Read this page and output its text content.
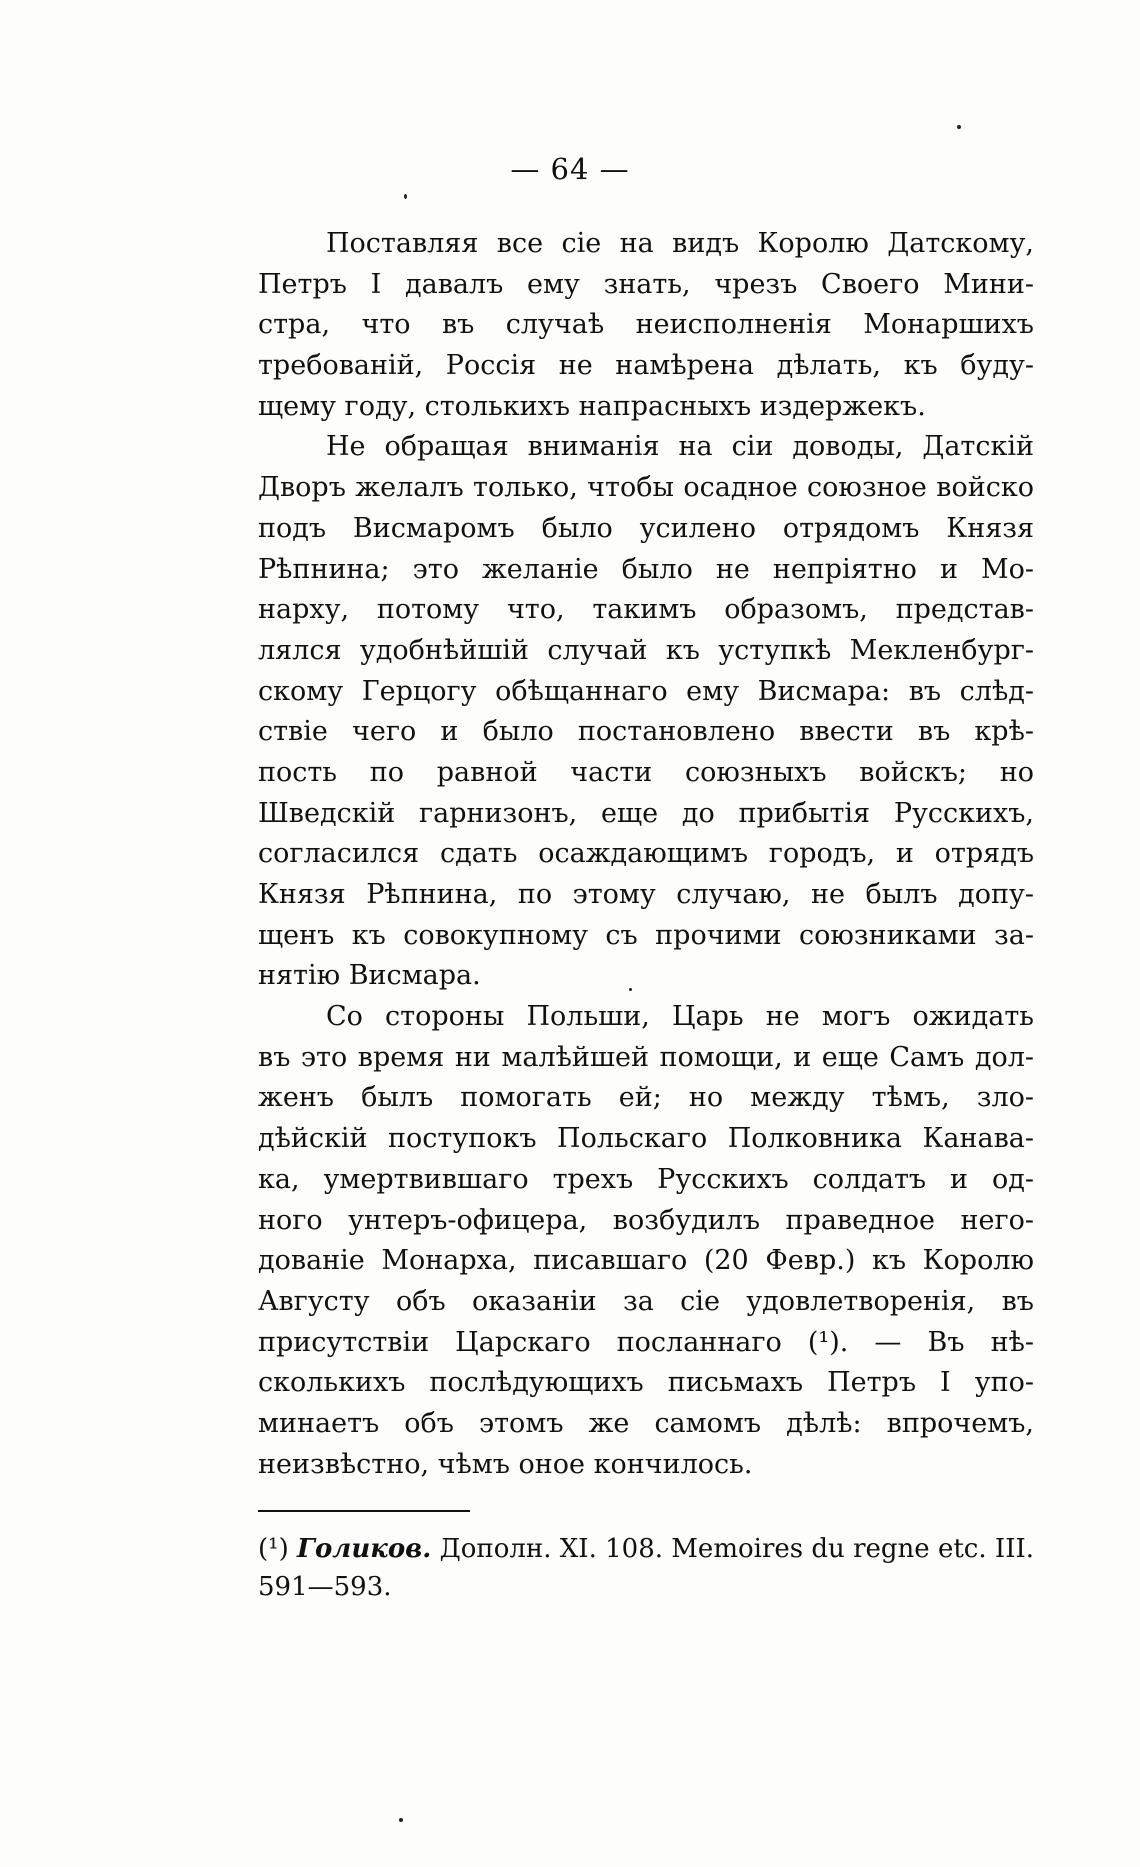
— 64 —
Поставляя все сіе на видъ Королю Датскому,
Петръ I давалъ ему знать, чрезъ Своего Мини-
стра, что въ случаѣ неисполненія Монаршихъ
требованій, Россія не намѣрена дѣлать, къ буду-
щему году, столькихъ напрасныхъ издержекъ.
Не обращая вниманія на сіи доводы, Датскій
Дворъ желалъ только, чтобы осадное союзное войско
подъ Висмаромъ было усилено отрядомъ Князя
Рѣпнина; это желаніе было не непріятно и Мо-
нарху, потому что, такимъ образомъ, представ-
лялся удобнѣйшій случай къ уступкѣ Мекленбург-
скому Герцогу обѣщаннаго ему Висмара: въ слѣд-
ствіе чего и было постановлено ввести въ крѣ-
пость по равной части союзныхъ войскъ; но
Шведскій гарнизонъ, еще до прибытія Русскихъ,
согласился сдать осаждающимъ городъ, и отрядъ
Князя Рѣпнина, по этому случаю, не былъ допу-
щенъ къ совокупному съ прочими союзниками за-
нятію Висмара.
Со стороны Польши, Царь не могъ ожидать
въ это время ни малѣйшей помощи, и еще Самъ дол-
женъ былъ помогать ей; но между тѣмъ, зло-
дѣйскій поступокъ Польскаго Полковника Канава-
ка, умертвившаго трехъ Русскихъ солдатъ и од-
ного унтеръ-офицера, возбудилъ праведное него-
дованіе Монарха, писавшаго (20 Февр.) къ Королю
Августу объ оказаніи за сіе удовлетворенія, въ
присутствіи Царскаго посланнаго (¹). — Въ нѣ-
сколькихъ послѣдующихъ письмахъ Петръ I упо-
минаетъ объ этомъ же самомъ дѣлѣ: впрочемъ,
неизвѣстно, чѣмъ оное кончилось.
(¹) Голиков. Дополн. XI. 108. Memoires du regne etc. III.
591—593.
